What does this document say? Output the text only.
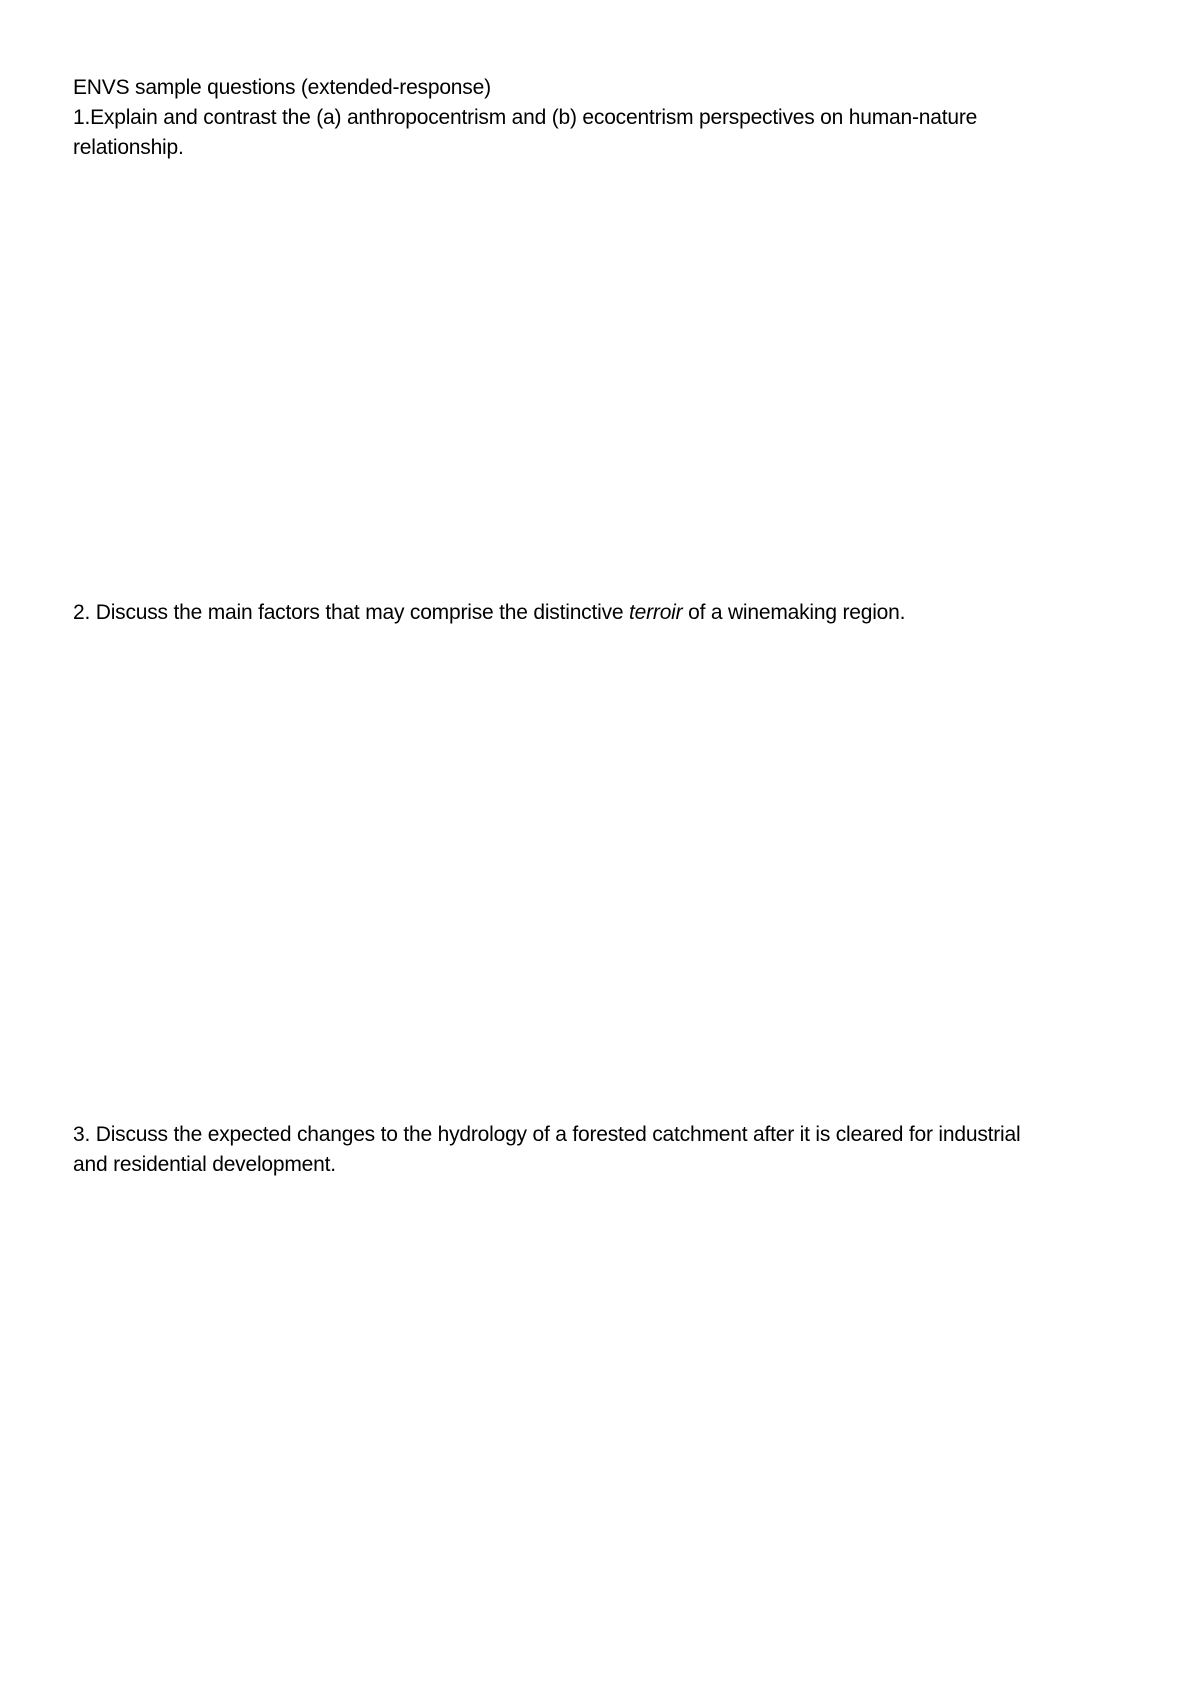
ENVS sample questions (extended-response)
1.Explain and contrast the (a) anthropocentrism and (b) ecocentrism perspectives on human-nature
relationship.
2. Discuss the main factors that may comprise the distinctive terroir of a winemaking region.
3. Discuss the expected changes to the hydrology of a forested catchment after it is cleared for industrial
and residential development.
